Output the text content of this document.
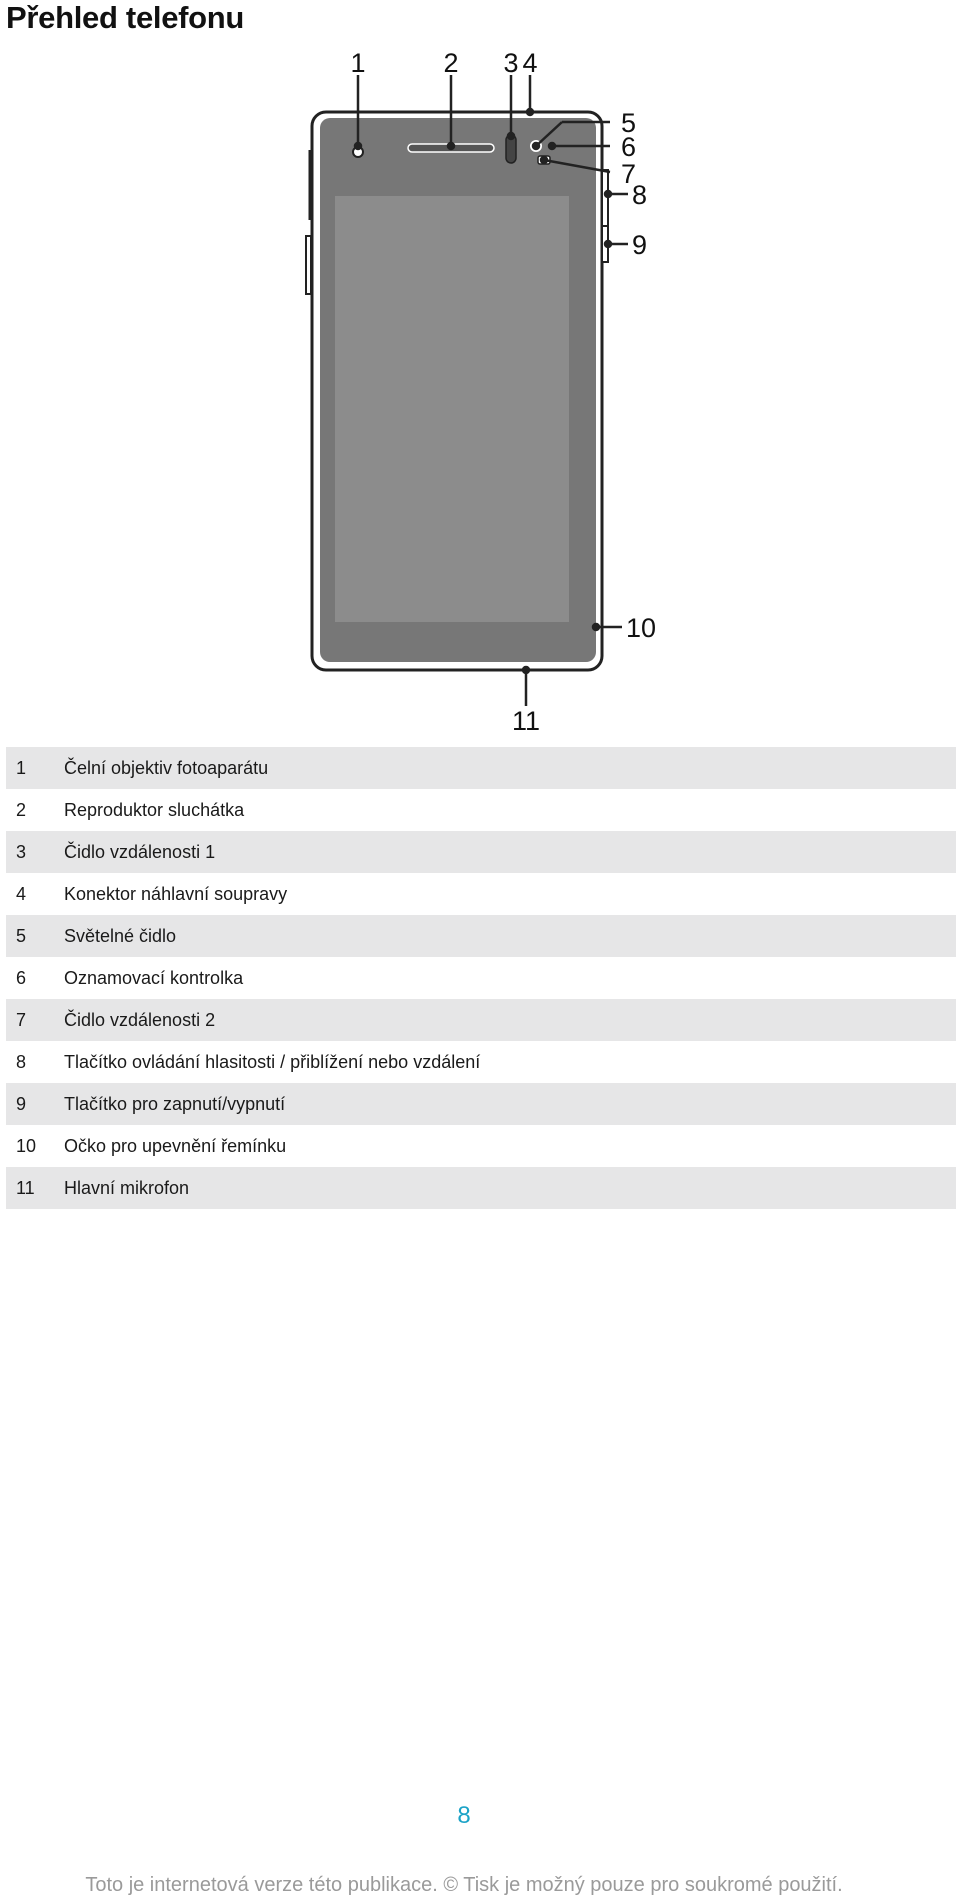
Přehled telefonu
1	2 3 4
5
6
7
8
9
10
11
1	Čelní objektiv fotoaparátu
2	Reproduktor sluchátka
3	Čidlo vzdálenosti 1
4	Konektor náhlavní soupravy
5	Světelné čidlo
6	Oznamovací kontrolka
7	Čidlo vzdálenosti 2
8	Tlačítko ovládání hlasitosti / přiblížení nebo vzdálení
9	Tlačítko pro zapnutí/vypnutí
10	Očko pro upevnění řemínku
11	Hlavní mikrofon
8
Toto je internetová verze této publikace. © Tisk je možný pouze pro soukromé použití.
